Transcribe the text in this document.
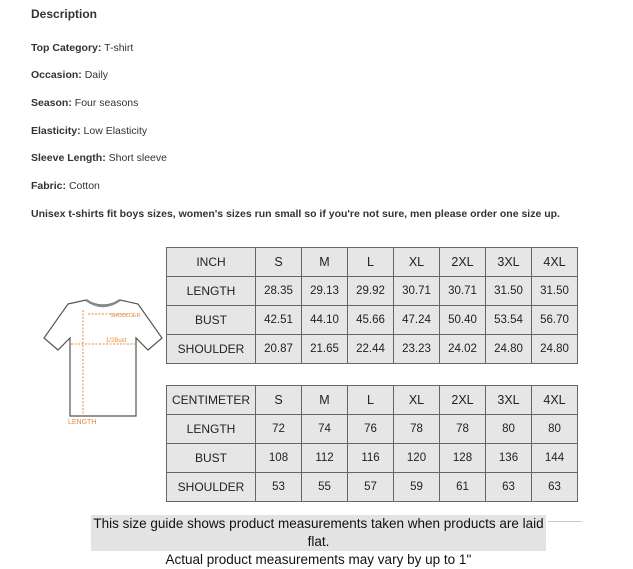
Description
Top Category: T-shirt
Occasion: Daily
Season: Four seasons
Elasticity: Low Elasticity
Sleeve Length: Short sleeve
Fabric: Cotton
Unisex t-shirts fit boys sizes, women's sizes run small so if you're not sure, men please order one size up.
SHOULDER
1/2Bust
LENGTH
INCH	S	M	L	XL	2XL	3XL	4XL
LENGTH	28.35	29.13	29.92	30.71	30.71	31.50	31.50
BUST	42.51	44.10	45.66	47.24	50.40	53.54	56.70
SHOULDER	20.87	21.65	22.44	23.23	24.02	24.80	24.80
CENTIMETER	S	M	L	XL	2XL	3XL	4XL
LENGTH	72	74	76	78	78	80	80
BUST	108	112	116	120	128	136	144
SHOULDER	53	55	57	59	61	63	63
This size guide shows product measurements taken when products are laid flat.
Actual product measurements may vary by up to 1''
